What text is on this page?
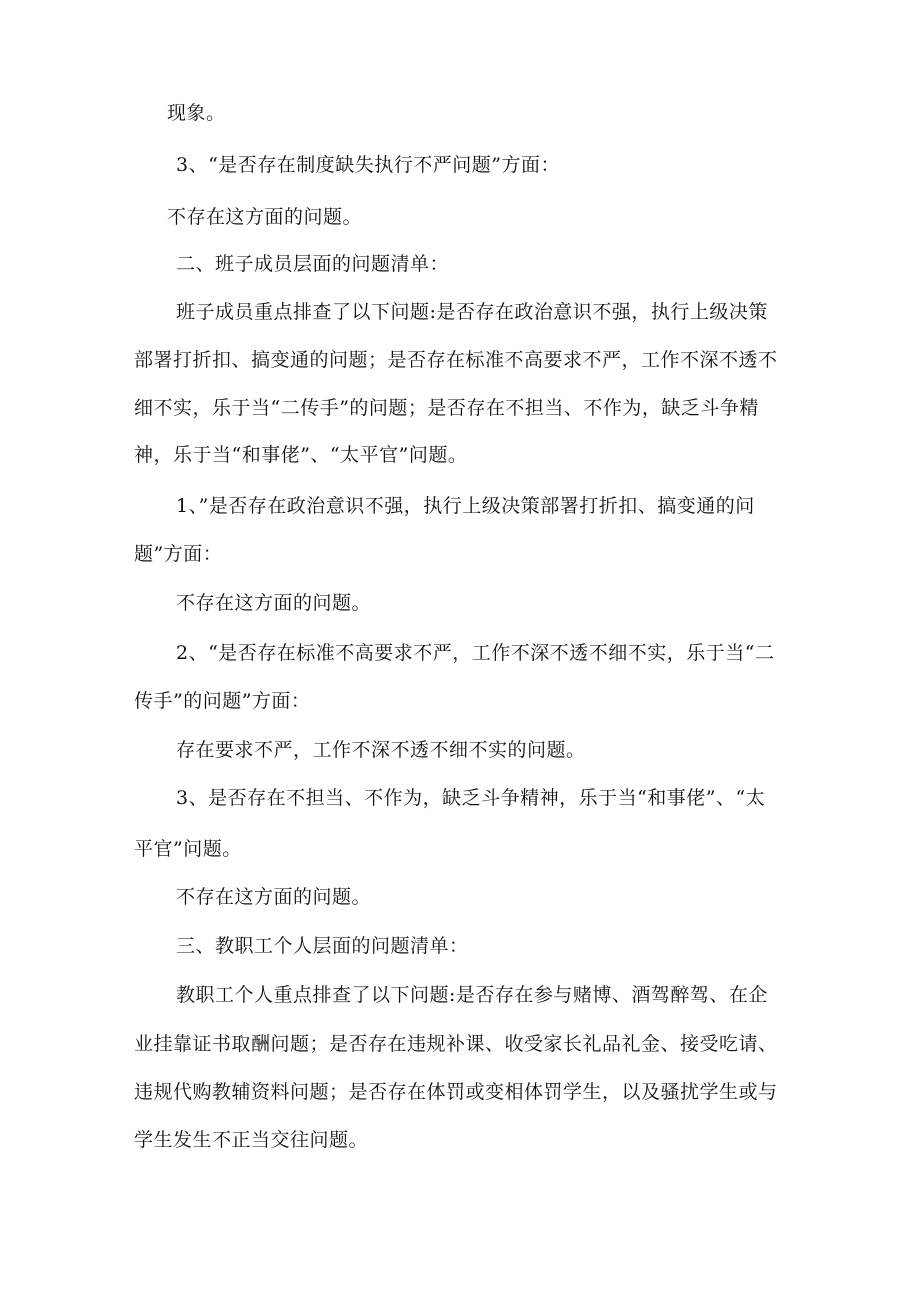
现象。
3、“是否存在制度缺失执行不严问题”方面：
不存在这方面的问题。
二、班子成员层面的问题清单：
班子成员重点排查了以下问题:是否存在政治意识不强，执行上级决策
部署打折扣、搞变通的问题；是否存在标准不高要求不严，工作不深不透不
细不实，乐于当“二传手”的问题；是否存在不担当、不作为，缺乏斗争精
神，乐于当“和事佬”、“太平官”问题。
1、”是否存在政治意识不强，执行上级决策部署打折扣、搞变通的问
题”方面：
不存在这方面的问题。
2、“是否存在标准不高要求不严，工作不深不透不细不实，乐于当“二
传手”的问题”方面：
存在要求不严，工作不深不透不细不实的问题。
3、是否存在不担当、不作为，缺乏斗争精神，乐于当“和事佬”、“太
平官”问题。
不存在这方面的问题。
三、教职工个人层面的问题清单：
教职工个人重点排查了以下问题:是否存在参与赌博、酒驾醉驾、在企
业挂靠证书取酬问题；是否存在违规补课、收受家长礼品礼金、接受吃请、
违规代购教辅资料问题；是否存在体罚或变相体罚学生，以及骚扰学生或与
学生发生不正当交往问题。
